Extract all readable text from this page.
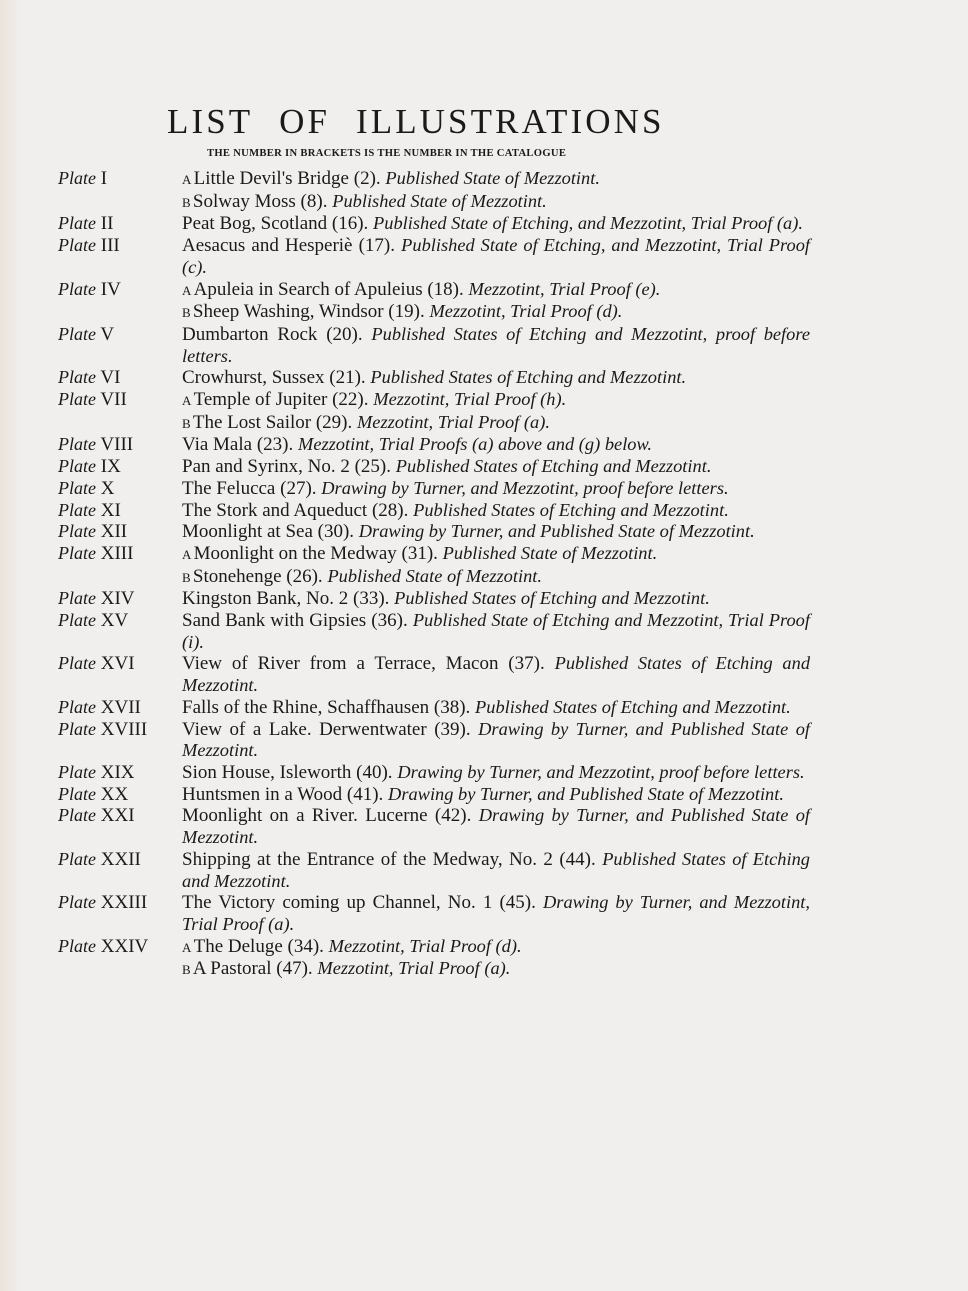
LIST OF ILLUSTRATIONS
THE NUMBER IN BRACKETS IS THE NUMBER IN THE CATALOGUE
Plate I	A Little Devil's Bridge (2). Published State of Mezzotint.
B Solway Moss (8). Published State of Mezzotint.
Plate II	Peat Bog, Scotland (16). Published State of Etching, and Mezzotint, Trial Proof (a).
Plate III	Aesacus and Hesperiè (17). Published State of Etching, and Mezzotint, Trial Proof (c).
Plate IV	A Apuleia in Search of Apuleius (18). Mezzotint, Trial Proof (e).
B Sheep Washing, Windsor (19). Mezzotint, Trial Proof (d).
Plate V	Dumbarton Rock (20). Published States of Etching and Mezzotint, proof before letters.
Plate VI	Crowhurst, Sussex (21). Published States of Etching and Mezzotint.
Plate VII	A Temple of Jupiter (22). Mezzotint, Trial Proof (h).
B The Lost Sailor (29). Mezzotint, Trial Proof (a).
Plate VIII	Via Mala (23). Mezzotint, Trial Proofs (a) above and (g) below.
Plate IX	Pan and Syrinx, No. 2 (25). Published States of Etching and Mezzotint.
Plate X	The Felucca (27). Drawing by Turner, and Mezzotint, proof before letters.
Plate XI	The Stork and Aqueduct (28). Published States of Etching and Mezzotint.
Plate XII	Moonlight at Sea (30). Drawing by Turner, and Published State of Mezzotint.
Plate XIII	A Moonlight on the Medway (31). Published State of Mezzotint.
B Stonehenge (26). Published State of Mezzotint.
Plate XIV Kingston Bank, No. 2 (33). Published States of Etching and Mezzotint.
Plate XV	Sand Bank with Gipsies (36). Published State of Etching and Mezzotint, Trial Proof (i).
Plate XVI View of River from a Terrace, Macon (37). Published States of Etching and Mezzotint.
Plate XVII Falls of the Rhine, Schaffhausen (38). Published States of Etching and Mezzotint.
Plate XVIII View of a Lake. Derwentwater (39). Drawing by Turner, and Published State of Mezzotint.
Plate XIX Sion House, Isleworth (40). Drawing by Turner, and Mezzotint, proof before letters.
Plate XX	Huntsmen in a Wood (41). Drawing by Turner, and Published State of Mezzotint.
Plate XXI Moonlight on a River. Lucerne (42). Drawing by Turner, and Published State of Mezzotint.
Plate XXII Shipping at the Entrance of the Medway, No. 2 (44). Published States of Etching and Mezzotint.
Plate XXIII The Victory coming up Channel, No. 1 (45). Drawing by Turner, and Mezzotint, Trial Proof (a).
Plate XXIV	A The Deluge (34). Mezzotint, Trial Proof (d).
B A Pastoral (47). Mezzotint, Trial Proof (a).
